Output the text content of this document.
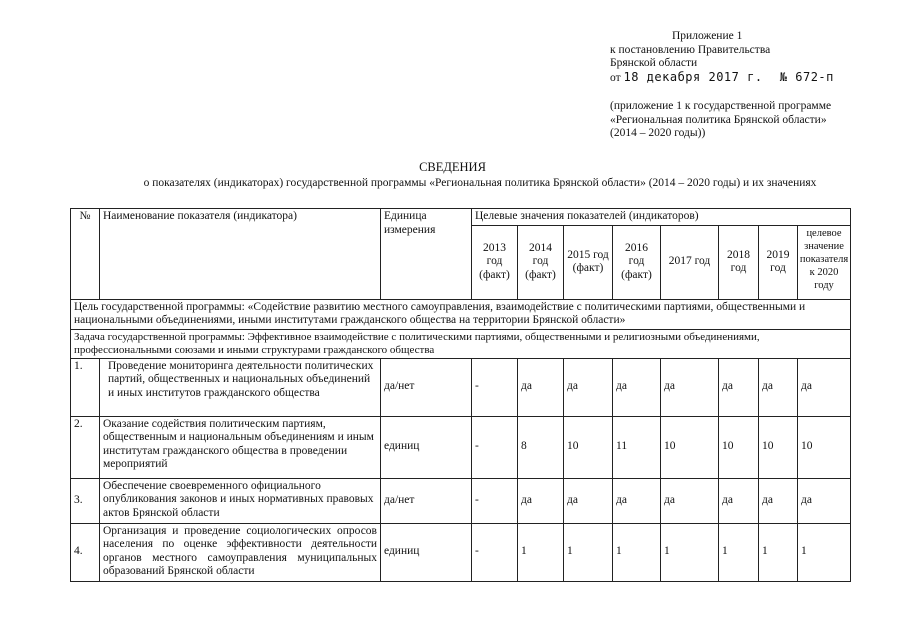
Приложение 1
к постановлению Правительства
Брянской области
от 18 декабря 2017 г. № 672-п
(приложение 1 к государственной программе
«Региональная политика Брянской области»
(2014 – 2020 годы))
СВЕДЕНИЯ
о показателях (индикаторах) государственной программы «Региональная политика Брянской области» (2014 – 2020 годы) и их значениях
№	Наименование показателя (индикатора)	Единица измерения	Целевые значения показателей (индикаторов)							
			2013 год (факт)	2014 год (факт)	2015 год (факт)	2016 год (факт)	2017 год	2018 год	2019 год	целевое значение показателя к 2020 году
Цель государственной программы: «Содействие развитию местного самоуправления, взаимодействие с политическими партиями, общественными и национальными объединениями, иными институтами гражданского общества на территории Брянской области»										
Задача государственной программы: Эффективное взаимодействие с политическими партиями, общественными и религиозными объединениями, профессиональными союзами и иными структурами гражданского общества										
1.	Проведение мониторинга деятельности политических партий, общественных и национальных объединений и иных институтов гражданского общества	да/нет	-	да	да	да	да	да	да	да
2.	Оказание содействия политическим партиям, общественным и национальным объединениям и иным институтам гражданского общества в проведении мероприятий	единиц	-	8	10	11	10	10	10	10
3.	Обеспечение своевременного официального опубликования законов и иных нормативных правовых актов Брянской области	да/нет	-	да	да	да	да	да	да	да
4.	Организация и проведение социологических опросов населения по оценке эффективности деятельности органов местного самоуправления муниципальных образований Брянской области	единиц	-	1	1	1	1	1	1	1
